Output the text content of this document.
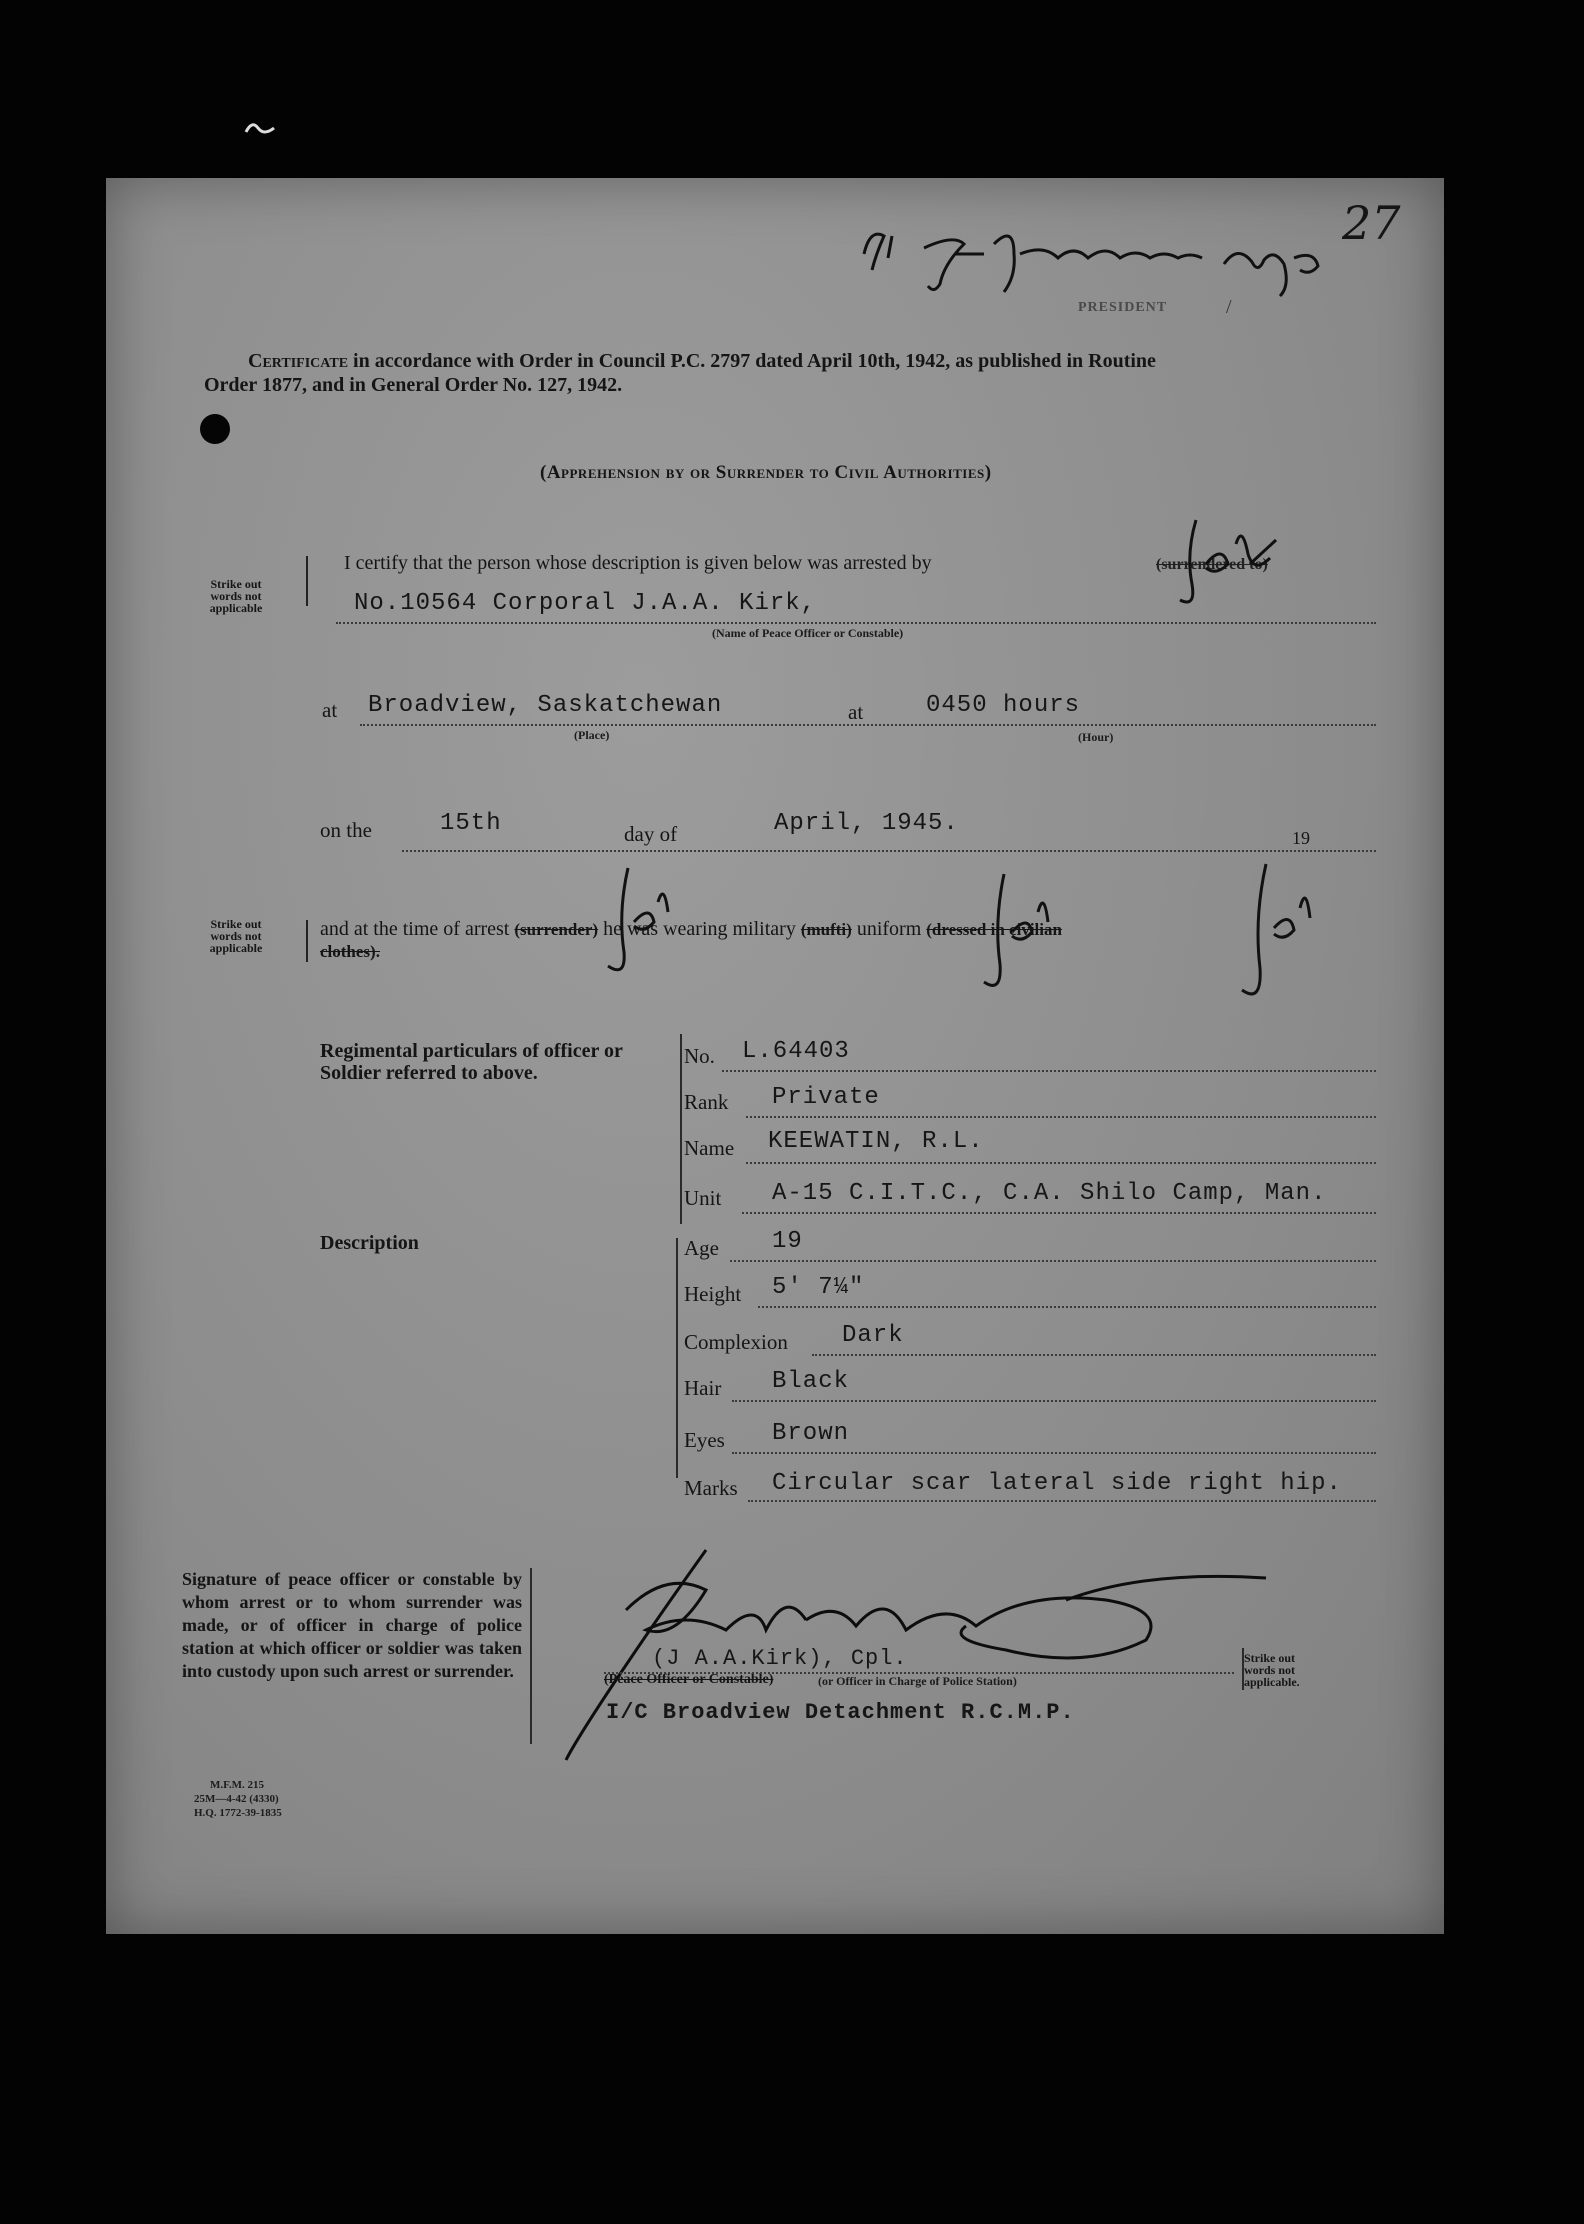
27
PRESIDENT	/
Certificate in accordance with Order in Council P.C. 2797 dated April 10th, 1942, as published in Routine
Order 1877, and in General Order No. 127, 1942.
(Apprehension by or Surrender to Civil Authorities)
Strike out
words not
applicable
I certify that the person whose description is given below was arrested by	(surrendered to)
No.10564 Corporal J.A.A. Kirk,
(Name of Peace Officer or Constable)
at Broadview, Saskatchewan
(Place)
at	0450 hours
(Hour)
on the	15th	day of	April, 1945.
19
Strike out
words not
applicable
and at the time of arrest (surrender) he was wearing military (mufti) uniform (dressed in civilian
clothes).
Regimental particulars of officer or Soldier referred to above.
No. L.64403
Rank Private
Name KEEWATIN, R.L.
Unit A-15 C.I.T.C., C.A. Shilo Camp, Man.
Description	Age 19
Height 5' 7¼"
Complexion Dark
Hair Black
Eyes Brown
Marks Circular scar lateral side right hip.
Signature of peace officer or constable by whom arrest or to whom surrender was made, or of officer in charge of police station at which officer or soldier was taken into custody upon such arrest or surrender.	(J A.A.Kirk), Cpl.
(Peace Officer or Constable)	(or Officer in Charge of Police Station)
I/C Broadview Detachment R.C.M.P.
Strike out
words not
applicable.
M.F.M. 215
25M—4-42 (4330)
H.Q. 1772-39-1835
